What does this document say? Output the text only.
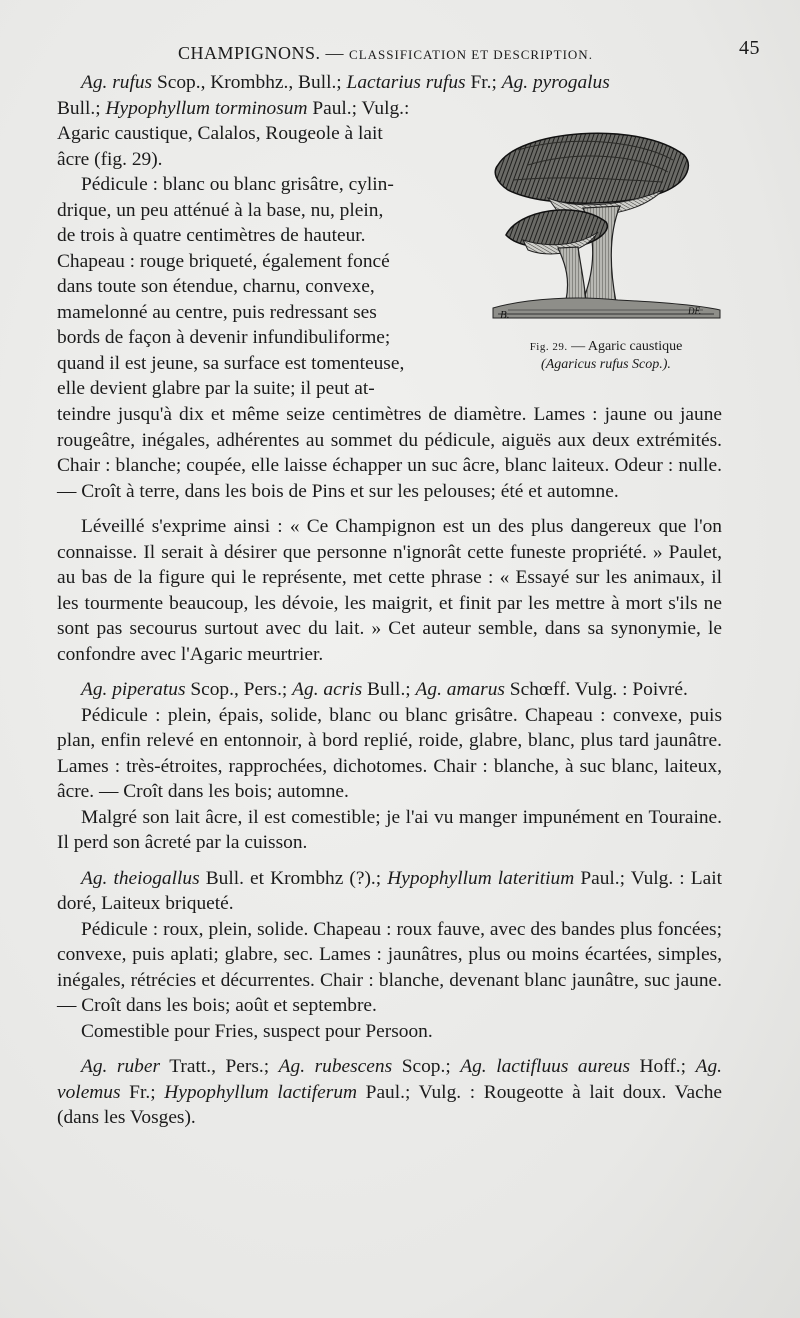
CHAMPIGNONS. — CLASSIFICATION ET DESCRIPTION.	45
B.	DF.
Fig. 29. — Agaric caustique
(Agaricus rufus Scop.).

Ag. rufus Scop., Krombhz., Bull.; Lactarius rufus Fr.; Ag. pyrogalus

Bull.; Hypophyllum torminosum Paul.; Vulg.:

Agaric caustique, Calalos, Rougeole à lait

âcre (fig. 29).

Pédicule : blanc ou blanc grisâtre, cylin-

drique, un peu atténué à la base, nu, plein,

de trois à quatre centimètres de hauteur.

Chapeau : rouge briqueté, également foncé

dans toute son étendue, charnu, convexe,

mamelonné au centre, puis redressant ses

bords de façon à devenir infundibuliforme;

quand il est jeune, sa surface est tomenteuse,

elle devient glabre par la suite; il peut at-

teindre jusqu'à dix et même seize centimètres de diamètre. Lames : jaune ou jaune rougeâtre, inégales, adhérentes au sommet du pédicule, aiguës aux deux extrémités. Chair : blanche; coupée, elle laisse échapper un suc âcre, blanc laiteux. Odeur : nulle. — Croît à terre, dans les bois de Pins et sur les pelouses; été et automne.

Léveillé s'exprime ainsi : « Ce Champignon est un des plus dangereux que l'on connaisse. Il serait à désirer que personne n'ignorât cette funeste propriété. » Paulet, au bas de la figure qui le représente, met cette phrase : « Essayé sur les animaux, il les tourmente beaucoup, les dévoie, les maigrit, et finit par les mettre à mort s'ils ne sont pas secourus surtout avec du lait. » Cet auteur semble, dans sa synonymie, le confondre avec l'Agaric meurtrier.

Ag. piperatus Scop., Pers.; Ag. acris Bull.; Ag. amarus Schœff. Vulg. : Poivré.

Pédicule : plein, épais, solide, blanc ou blanc grisâtre. Chapeau : convexe, puis plan, enfin relevé en entonnoir, à bord replié, roide, glabre, blanc, plus tard jaunâtre. Lames : très-étroites, rapprochées, dichotomes. Chair : blanche, à suc blanc, laiteux, âcre. — Croît dans les bois; automne.

Malgré son lait âcre, il est comestible; je l'ai vu manger impunément en Touraine. Il perd son âcreté par la cuisson.

Ag. theiogallus Bull. et Krombhz (?).; Hypophyllum lateritium Paul.; Vulg. : Lait doré, Laiteux briqueté.

Pédicule : roux, plein, solide. Chapeau : roux fauve, avec des bandes plus foncées; convexe, puis aplati; glabre, sec. Lames : jaunâtres, plus ou moins écartées, simples, inégales, rétrécies et décurrentes. Chair : blanche, devenant blanc jaunâtre, suc jaune. — Croît dans les bois; août et septembre.

Comestible pour Fries, suspect pour Persoon.

Ag. ruber Tratt., Pers.; Ag. rubescens Scop.; Ag. lactifluus aureus Hoff.; Ag. volemus Fr.; Hypophyllum lactiferum Paul.; Vulg. : Rougeotte à lait doux. Vache (dans les Vosges).
